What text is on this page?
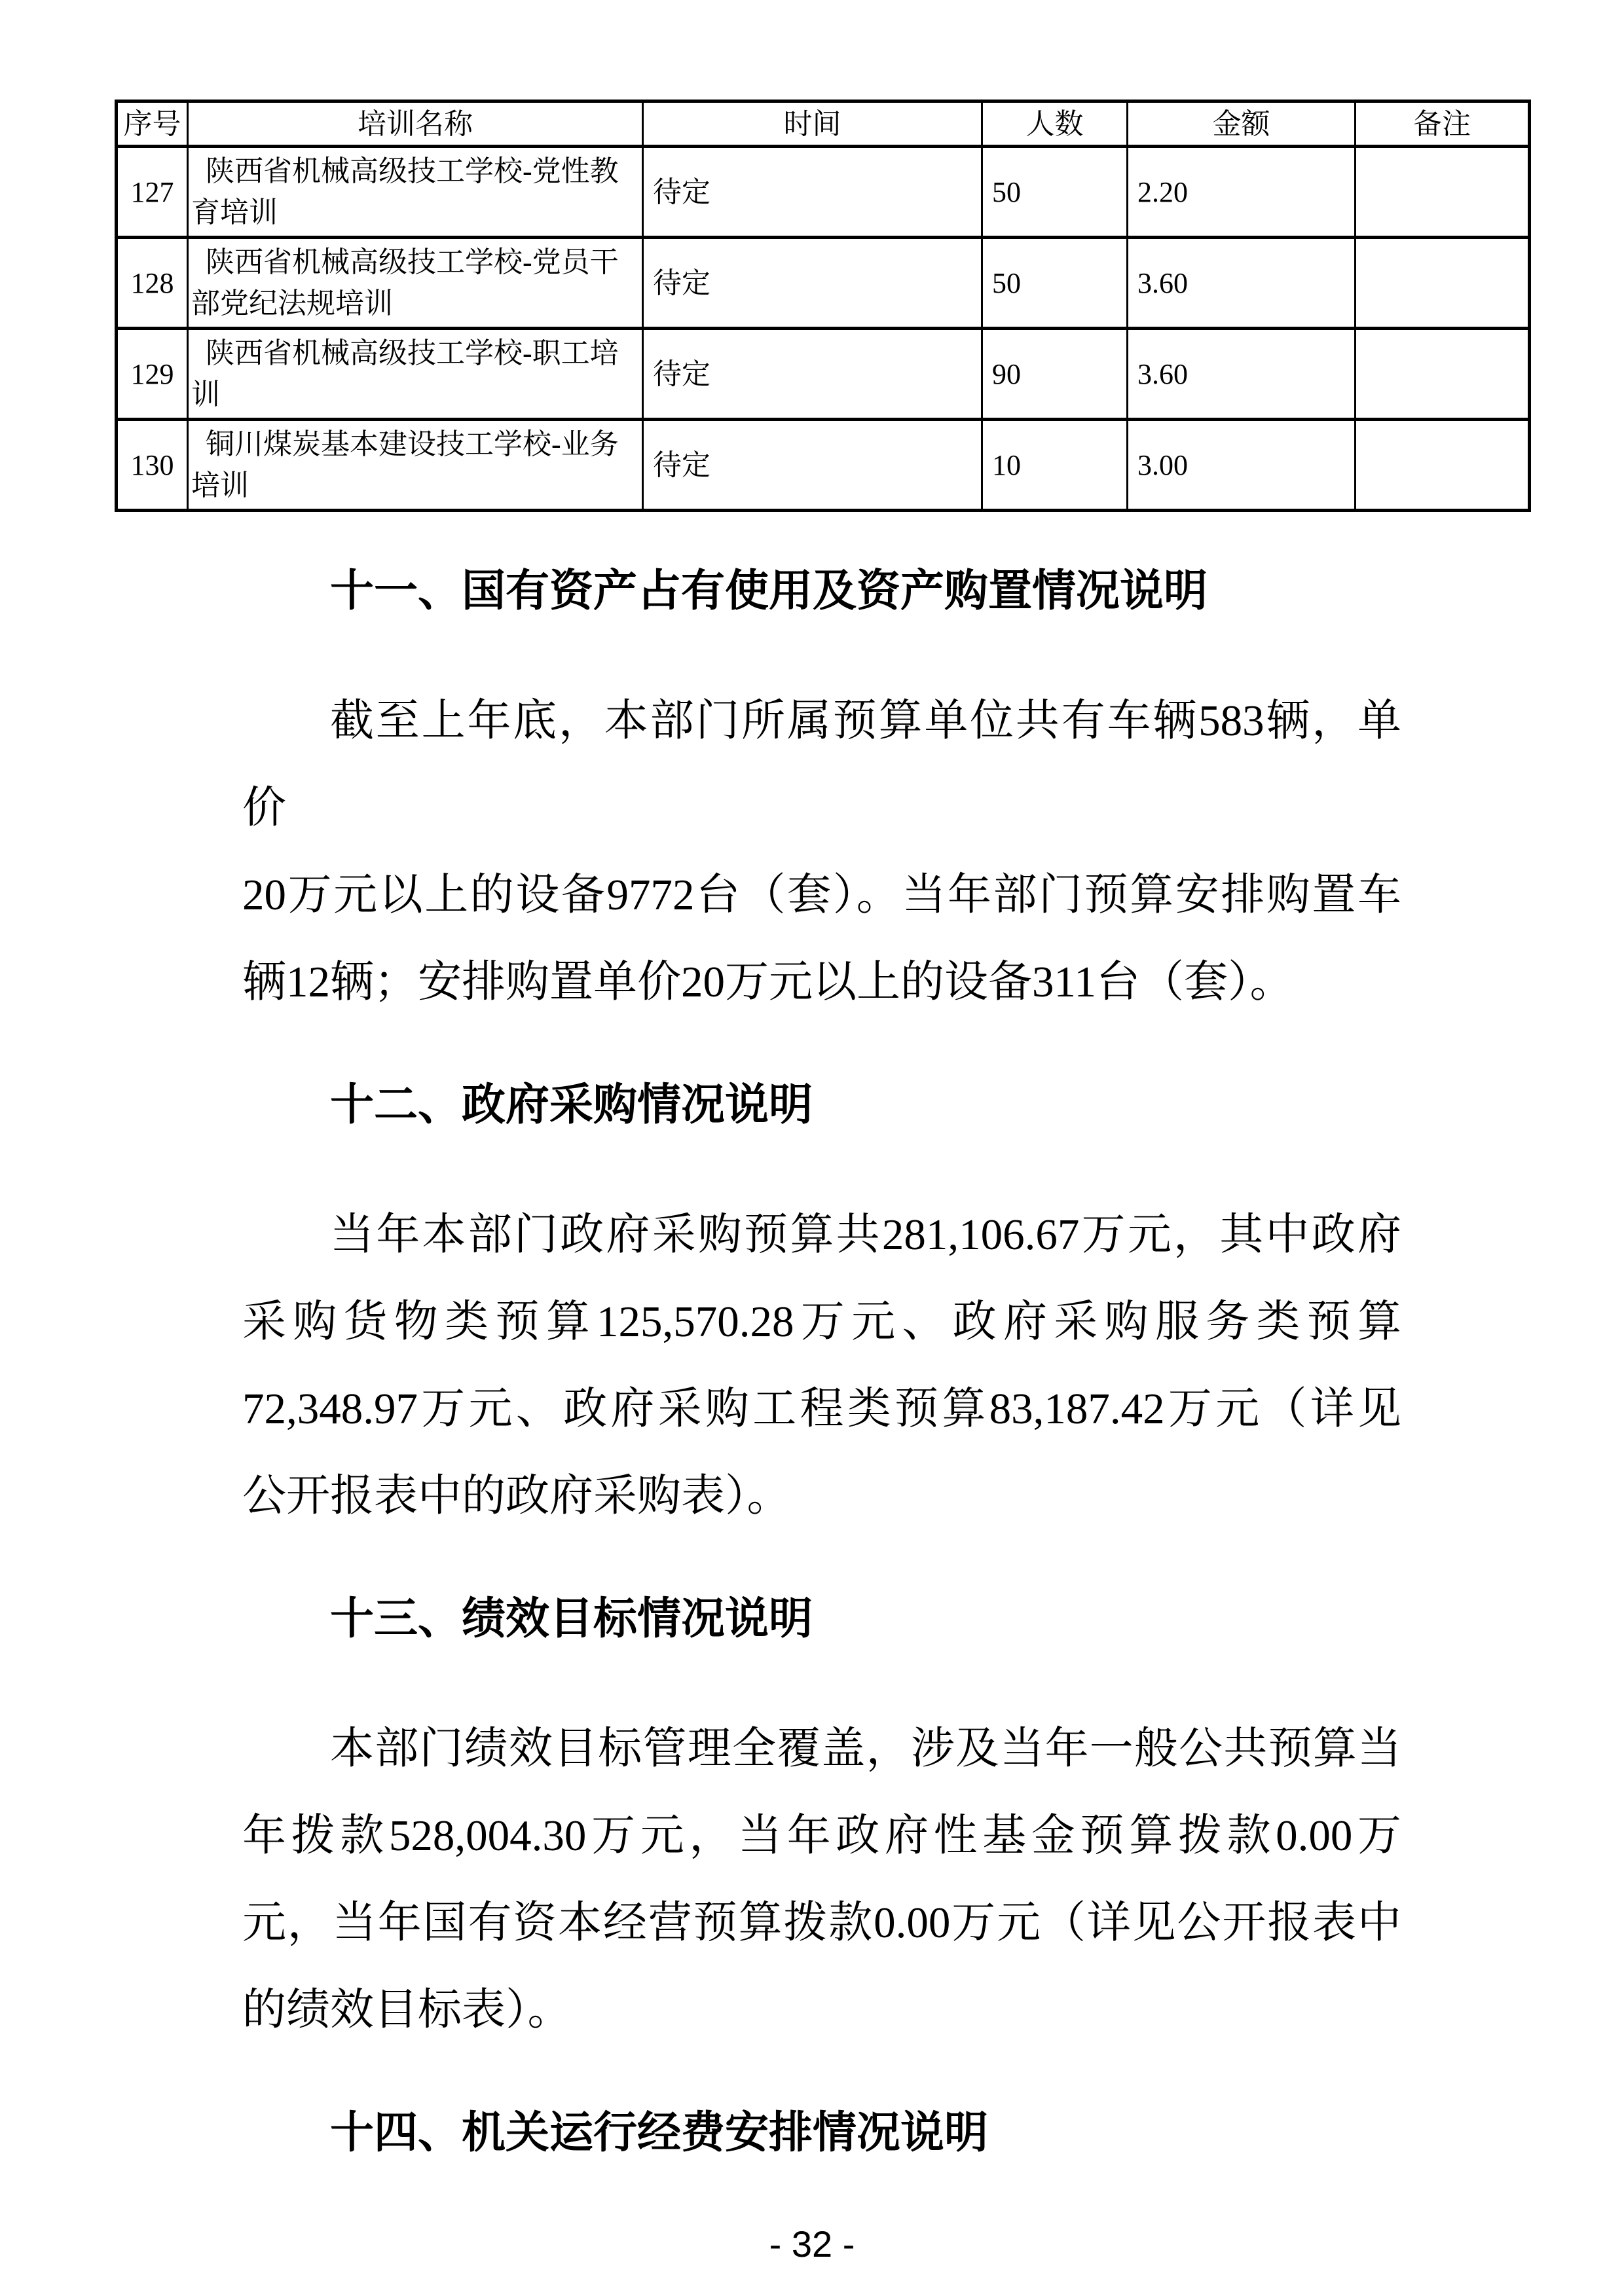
序号	培训名称	时间	人数	金额	备注
127	陕西省机械高级技工学校-党性教育培训	待定	50	2.20	
128	陕西省机械高级技工学校-党员干部党纪法规培训	待定	50	3.60	
129	陕西省机械高级技工学校-职工培训	待定	90	3.60	
130	铜川煤炭基本建设技工学校-业务培训	待定	10	3.00	
十一、国有资产占有使用及资产购置情况说明
截至上年底，本部门所属预算单位共有车辆583辆，单价
20万元以上的设备9772台（套）。当年部门预算安排购置车
辆12辆；安排购置单价20万元以上的设备311台（套）。
十二、政府采购情况说明
当年本部门政府采购预算共281,106.67万元，其中政府
采购货物类预算125,570.28万元、政府采购服务类预算
72,348.97万元、政府采购工程类预算83,187.42万元（详见
公开报表中的政府采购表）。
十三、绩效目标情况说明
本部门绩效目标管理全覆盖，涉及当年一般公共预算当
年拨款528,004.30万元，当年政府性基金预算拨款0.00万
元，当年国有资本经营预算拨款0.00万元（详见公开报表中
的绩效目标表）。
十四、机关运行经费安排情况说明
- 32 -
